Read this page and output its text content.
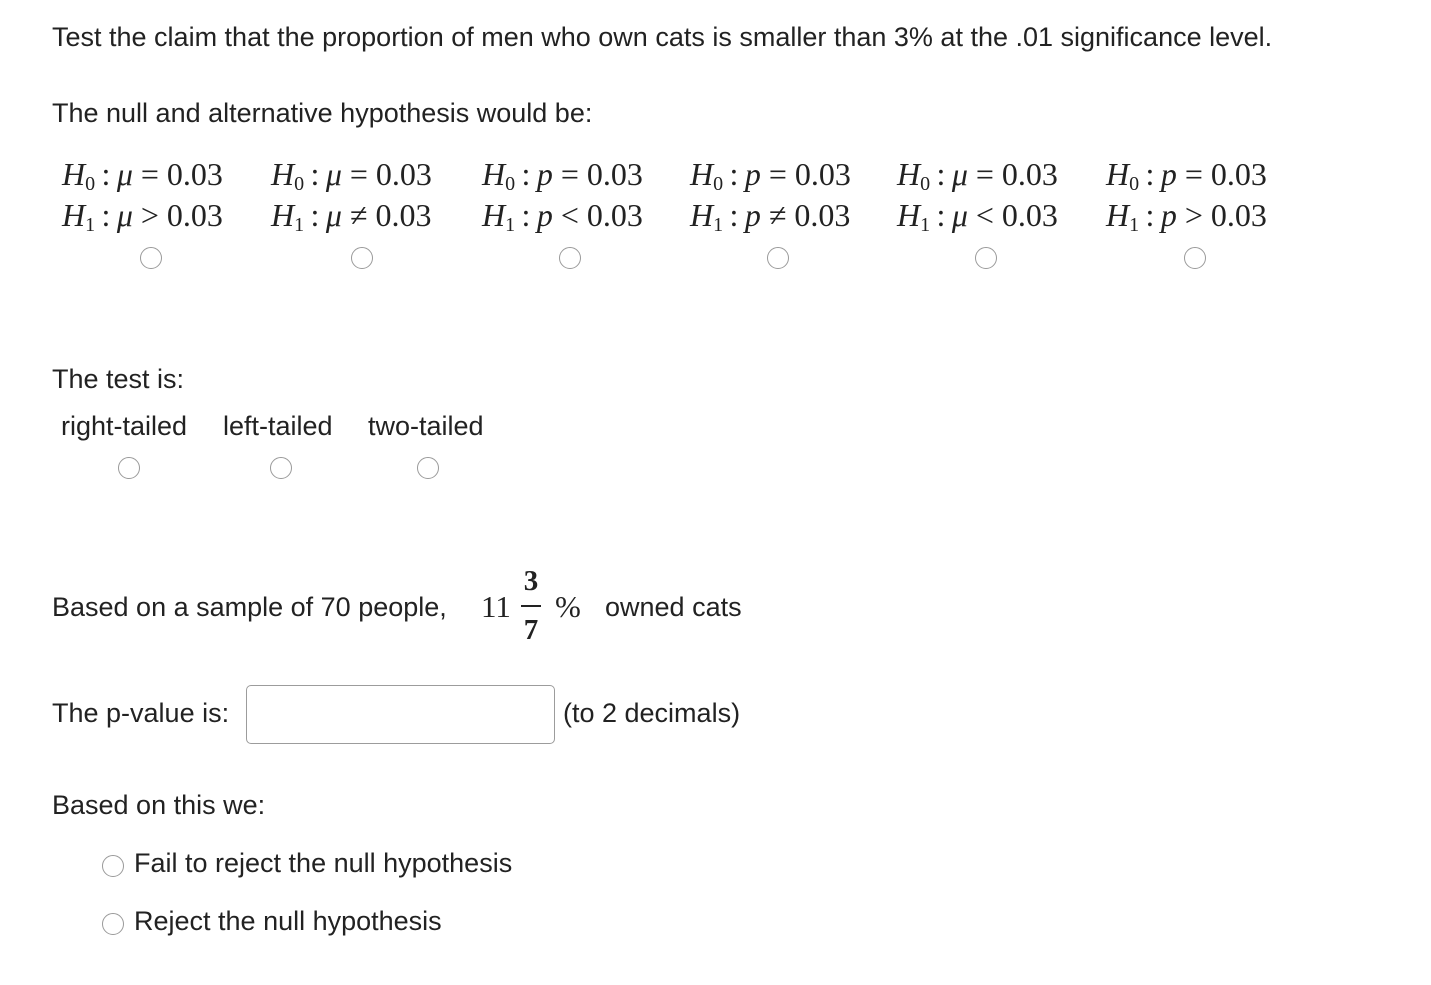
Test the claim that the proportion of men who own cats is smaller than 3% at the .01 significance level.

The null and alternative hypothesis would be:

$H_0$ : μ = 0.03
$H_1$ : μ > 0.03
$H_0$ : μ = 0.03
$H_1$ : μ ≠ 0.03
$H_0$ : p = 0.03
$H_1$ : p < 0.03
$H_0$ : p = 0.03
$H_1$ : p ≠ 0.03
$H_0$ : μ = 0.03
$H_1$ : μ < 0.03
$H_0$ : p = 0.03
$H_1$ : p > 0.03

The test is:

right-tailed left-tailed two-tailed
Based on a sample of 70 people, 11
3
7
% owned cats
The p-value is:	(to 2 decimals)

Based on this we:

Fail to reject the null hypothesis
Reject the null hypothesis
